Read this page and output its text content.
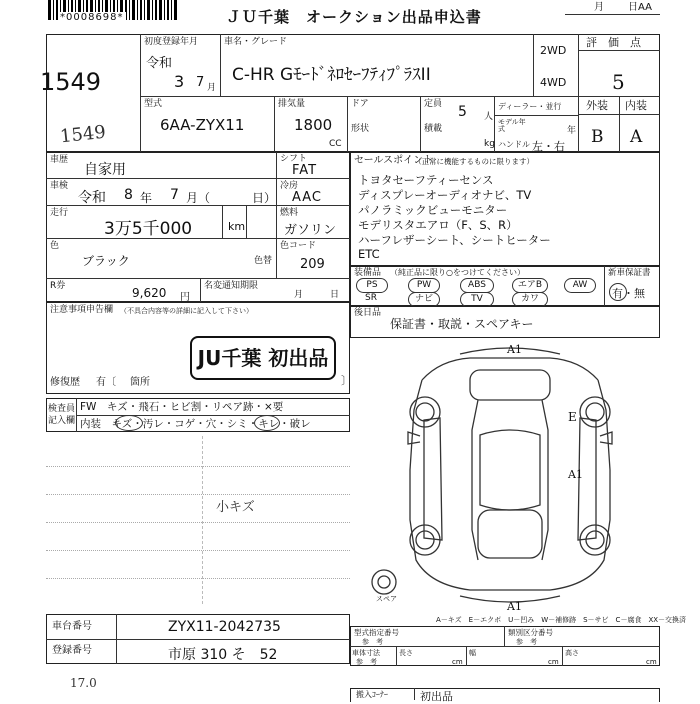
*0008698*	ＪＵ千葉　オークション出品申込書
月 日AA
1549
1549
初度登録年月
令和
3 7 月
車名・グレード
C-HR GﾓｰﾄﾞﾈﾛｾｰﾌﾃｨﾌﾟﾗｽII
2WD
4WD
評　価　点
5
外装 内装
B A
型式
6AA-ZYX11
排気量
1800
CC
ドア
形状
定員 5 人
積載
kg
ディーラー・並行
モデル年式	年
ハンドル 左・右
車歴
自家用
シフト
FAT
車検
令和 8 年 7 月（	日）
冷房
AAC
走行
3万5千000	km
燃料
ガソリン
色
ブラック	色替
色コード
209
R券	9,620 円
名変通知期限
月	日
注意事項申告欄 （不具合内容等の詳細に記入して下さい）
JU千葉 初出品
修復歴 有〔 箇所	〕
検査員
記入欄
FW　キズ・飛石・ヒビ割・リペア跡・×要
内装　キズ・汚レ・コゲ・穴・シミ・キレ・破レ
小キズ
セールスポイント
（正常に機能するものに限ります）
トヨタセーフティーセンス
ディスプレーオーディオナビ、TV
パノラミックビューモニター
モデリスタエアロ（F、S、R）
ハーフレザーシート、シートヒーター
ETC
装備品 （純正品に限り○をつけてください）
PS	PW	ABS	エアB	AW
SR	ナビ	TV	カワ
新車保証書
有・無
後日品
保証書・取説・スペアキー
A1
E
A1
A1
スペア
A－キズ　E－エクボ　U－凹み　W－補修跡　S－サビ　C－腐食　XX－交換済
車台番号	ZYX11-2042735
登録番号	市原 310 そ　52
型式指定番号
参　考
類別区分番号
参　考
車体寸法
参　考
長さ	幅	高さ
cm	cm	cm
17.0
搬入ｺｰﾅｰ	初出品
